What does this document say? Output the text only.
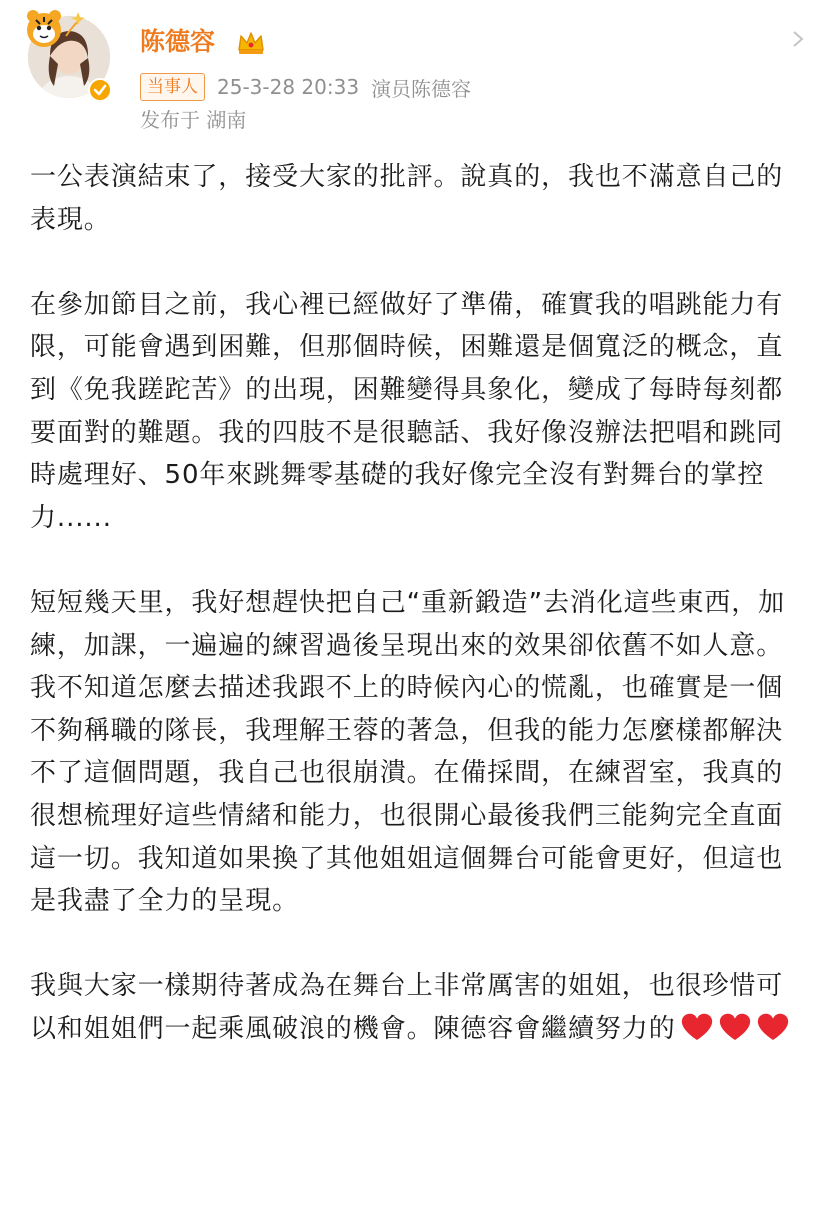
陈德容
当事人 25-3-28 20:33 演员陈德容
发布于 湖南

一公表演結束了，接受大家的批評。說真的，我也不滿意自己的表現。

在參加節目之前，我心裡已經做好了準備，確實我的唱跳能力有限，可能會遇到困難，但那個時候，困難還是個寬泛的概念，直到《免我蹉跎苦》的出現，困難變得具象化，變成了每時每刻都要面對的難題。我的四肢不是很聽話、我好像沒辦法把唱和跳同時處理好、50年來跳舞零基礎的我好像完全沒有對舞台的掌控力......

短短幾天里，我好想趕快把自己“重新鍛造”去消化這些東西，加練，加課，一遍遍的練習過後呈現出來的效果卻依舊不如人意。我不知道怎麼去描述我跟不上的時候內心的慌亂，也確實是一個不夠稱職的隊長，我理解王蓉的著急，但我的能力怎麼樣都解決不了這個問題，我自己也很崩潰。在備採間，在練習室，我真的很想梳理好這些情緒和能力，也很開心最後我們三能夠完全直面這一切。我知道如果換了其他姐姐這個舞台可能會更好，但這也是我盡了全力的呈現。

我與大家一樣期待著成為在舞台上非常厲害的姐姐，也很珍惜可以和姐姐們一起乘風破浪的機會。陳德容會繼續努力的
